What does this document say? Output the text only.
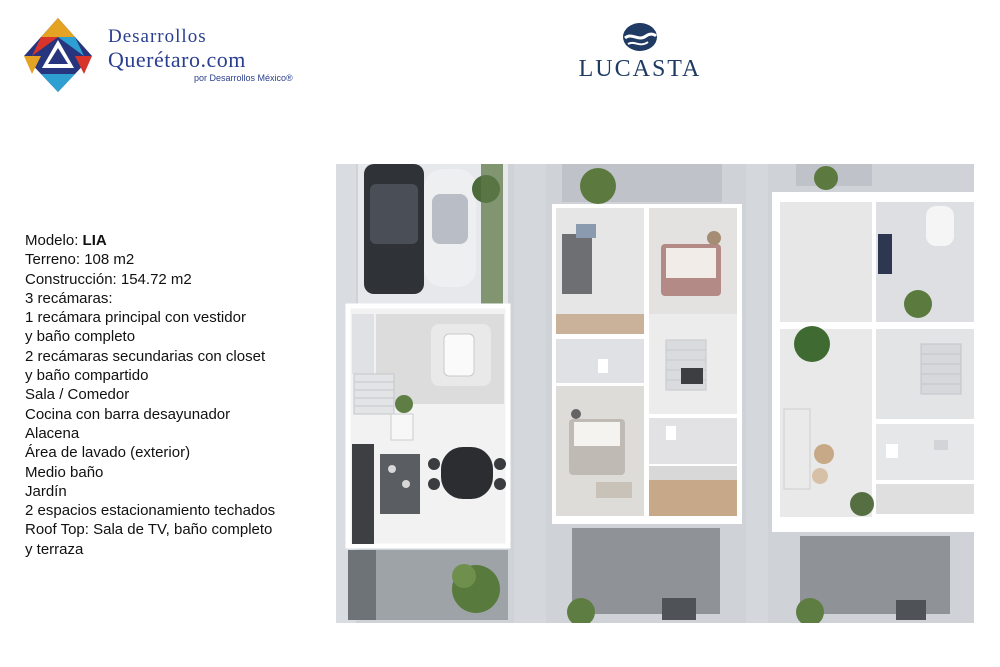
Desarrollos
Querétaro.com
por Desarrollos México®	LUCASTA
Modelo: LIA
Terreno: 108 m2
Construcción: 154.72 m2
3 recámaras:
1 recámara principal con vestidor
y baño completo
2 recámaras secundarias con closet
y baño compartido
Sala / Comedor
Cocina con barra desayunador
Alacena
Área de lavado (exterior)
Medio baño
Jardín
2 espacios estacionamiento techados
Roof Top: Sala de TV, baño completo
y terraza
